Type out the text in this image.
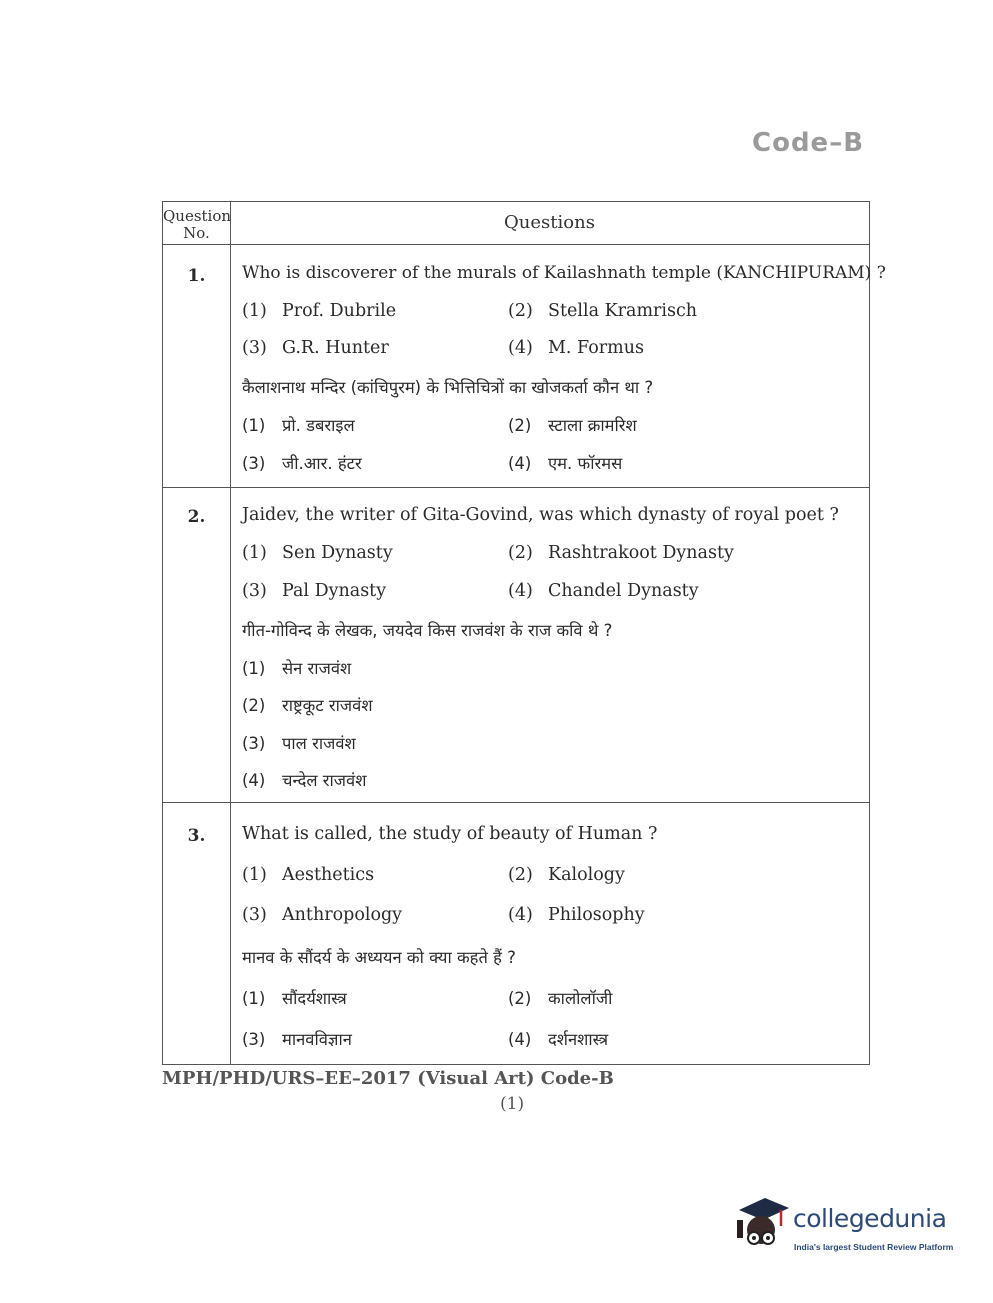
Code–B
Question No.	Questions
1.	Who is discoverer of the murals of Kailashnath temple (KANCHIPURAM) ?
(1) Prof. Dubrile	(2) Stella Kramrisch
(3) G.R. Hunter	(4) M. Formus
कैलाशनाथ मन्दिर (कांचिपुरम) के भित्तिचित्रों का खोजकर्ता कौन था ?
(1) प्रो. डबराइल	(2) स्टाला क्रामरिश
(3) जी.आर. हंटर	(4) एम. फॉरमस
2.	Jaidev, the writer of Gita-Govind, was which dynasty of royal poet ?
(1) Sen Dynasty	(2) Rashtrakoot Dynasty
(3) Pal Dynasty	(4) Chandel Dynasty
गीत-गोविन्द के लेखक, जयदेव किस राजवंश के राज कवि थे ?
(1) सेन राजवंश
(2) राष्ट्रकूट राजवंश
(3) पाल राजवंश
(4) चन्देल राजवंश
3.	What is called, the study of beauty of Human ?
(1) Aesthetics	(2) Kalology
(3) Anthropology	(4) Philosophy
मानव के सौंदर्य के अध्ययन को क्या कहते हैं ?
(1) सौंदर्यशास्त्र	(2) कालोलॉजी
(3) मानवविज्ञान	(4) दर्शनशास्त्र
MPH/PHD/URS–EE–2017 (Visual Art) Code-B
(1)
collegedunia
India's largest Student Review Platform
